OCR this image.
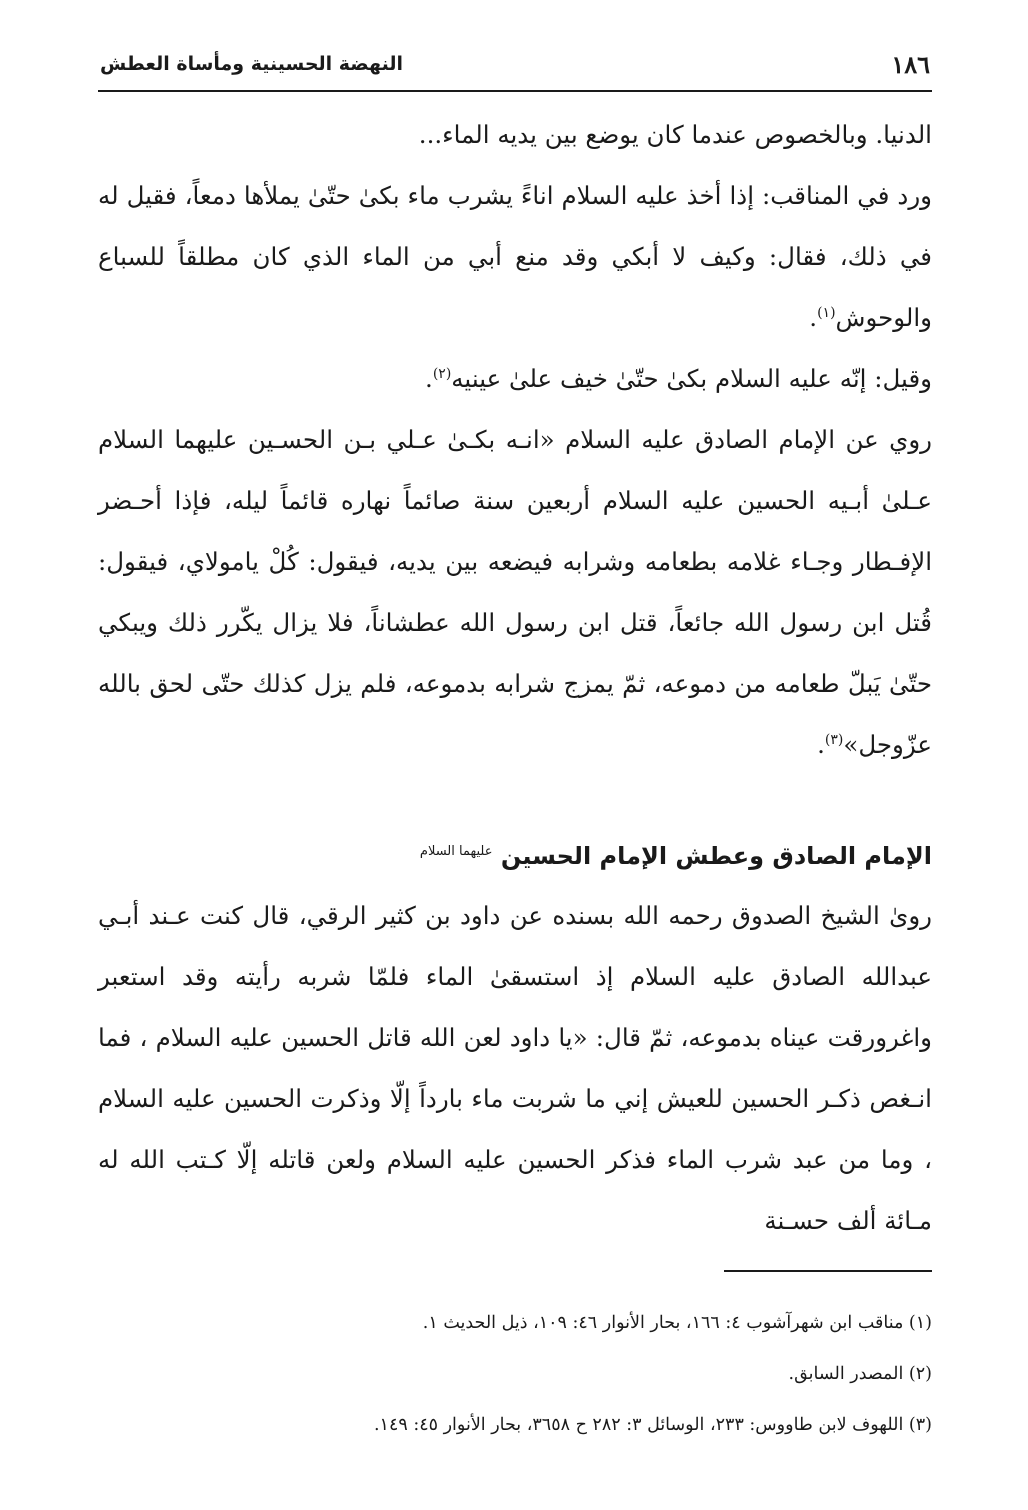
١٨٦
النهضة الحسينية ومأساة العطش

الدنيا. وبالخصوص عندما كان يوضع بين يديه الماء...

ورد في المناقب: إذا أخذ عليه السلام اناءً يشرب ماء بكىٰ حتّىٰ يملأها دمعاً، فقيل له في ذلك، فقال: وكيف لا أبكي وقد منع أبي من الماء الذي كان مطلقاً للسباع والوحوش$^{(١)}$.

وقيل: إنّه عليه السلام بكىٰ حتّىٰ خيف علىٰ عينيه$^{(٢)}$.

روي عن الإمام الصادق عليه السلام «انـه بكـىٰ عـلي بـن الحسـين عليهما السلام عـلىٰ أبـيه الحسين عليه السلام أربعين سنة صائماً نهاره قائماً ليله، فإذا أحـضر الإفـطار وجـاء غلامه بطعامه وشرابه فيضعه بين يديه، فيقول: كُلْ يامولاي، فيقول: قُتل ابن رسول الله جائعاً، قتل ابن رسول الله عطشاناً، فلا يزال يكّرر ذلك ويبكي حتّىٰ يَبلّ طعامه من دموعه، ثمّ يمزج شرابه بدموعه، فلم يزل كذلك حتّى لحق بالله عزّوجل»$^{(٣)}$.

الإمام الصادق وعطش الإمام الحسين $^{عليهما السلام}$

روىٰ الشيخ الصدوق رحمه الله بسنده عن داود بن كثير الرقي، قال كنت عـند أبـي عبدالله الصادق عليه السلام إذ استسقىٰ الماء فلمّا شربه رأيته وقد استعبر واغرورقت عيناه بدموعه، ثمّ قال: «يا داود لعن الله قاتل الحسين عليه السلام ، فما انـغص ذكـر الحسين للعيش إني ما شربت ماء بارداً إلّا وذكرت الحسين عليه السلام ، وما من عبد شرب الماء فذكر الحسين عليه السلام ولعن قاتله إلّا كـتب الله له مـائة ألف حسـنة

(١) مناقب ابن شهرآشوب ٤: ١٦٦، بحار الأنوار ٤٦: ١٠٩، ذيل الحديث ١.

(٢) المصدر السابق.

(٣) اللهوف لابن طاووس: ٢٣٣، الوسائل ٣: ٢٨٢ ح ٣٦٥٨، بحار الأنوار ٤٥: ١٤٩.
